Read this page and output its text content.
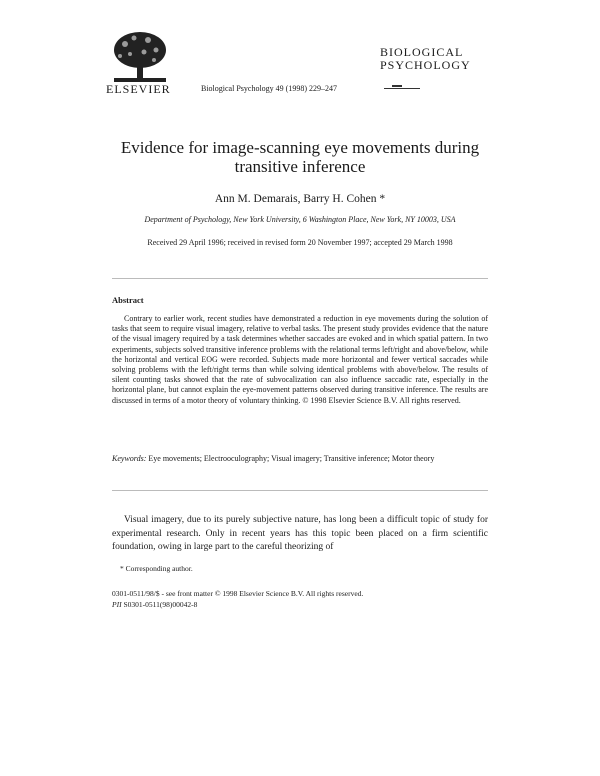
ELSEVIER	Biological Psychology 49 (1998) 229–247
BIOLOGICAL
PSYCHOLOGY
Evidence for image-scanning eye movements during transitive inference
Ann M. Demarais, Barry H. Cohen *
Department of Psychology, New York University, 6 Washington Place, New York, NY 10003, USA
Received 29 April 1996; received in revised form 20 November 1997; accepted 29 March 1998
Abstract
Contrary to earlier work, recent studies have demonstrated a reduction in eye movements during the solution of tasks that seem to require visual imagery, relative to verbal tasks. The present study provides evidence that the nature of the visual imagery required by a task determines whether saccades are evoked and in which spatial pattern. In two experiments, subjects solved transitive inference problems with the relational terms left/right and above/below, while the horizontal and vertical EOG were recorded. Subjects made more horizontal and fewer vertical saccades while solving problems with the left/right terms than while solving identical problems with above/below. The results of silent counting tasks showed that the rate of subvocalization can also influence saccadic rate, especially in the horizontal plane, but cannot explain the eye-movement patterns observed during transitive inference. The results are discussed in terms of a motor theory of voluntary thinking. © 1998 Elsevier Science B.V. All rights reserved.
Keywords: Eye movements; Electrooculography; Visual imagery; Transitive inference; Motor theory
Visual imagery, due to its purely subjective nature, has long been a difficult topic of study for experimental research. Only in recent years has this topic been placed on a firm scientific foundation, owing in large part to the careful theorizing of
* Corresponding author.
0301-0511/98/$ - see front matter © 1998 Elsevier Science B.V. All rights reserved.
PII S0301-0511(98)00042-8
